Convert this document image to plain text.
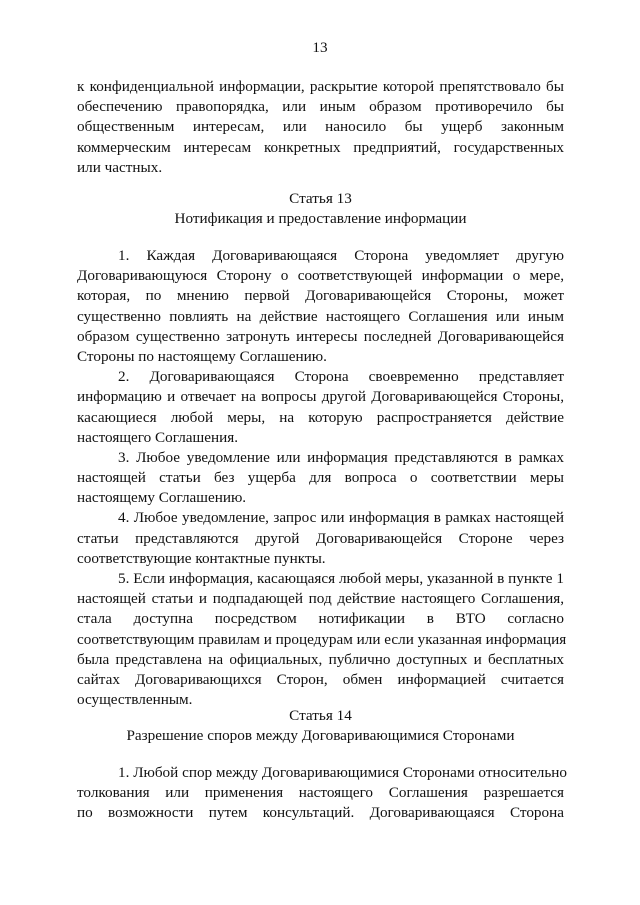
13
к конфиденциальной информации, раскрытие которой препятствовало бы
обеспечению правопорядка, или иным образом противоречило бы
общественным интересам, или наносило бы ущерб законным
коммерческим интересам конкретных предприятий, государственных
или частных.
Статья 13
Нотификация и предоставление информации
1. Каждая Договаривающаяся Сторона уведомляет другую
Договаривающуюся Сторону о соответствующей информации о мере,
которая, по мнению первой Договаривающейся Стороны, может
существенно повлиять на действие настоящего Соглашения или иным
образом существенно затронуть интересы последней Договаривающейся
Стороны по настоящему Соглашению.
2. Договаривающаяся Сторона своевременно представляет
информацию и отвечает на вопросы другой Договаривающейся Стороны,
касающиеся любой меры, на которую распространяется действие
настоящего Соглашения.
3. Любое уведомление или информация представляются в рамках
настоящей статьи без ущерба для вопроса о соответствии меры
настоящему Соглашению.
4. Любое уведомление, запрос или информация в рамках настоящей
статьи представляются другой Договаривающейся Стороне через
соответствующие контактные пункты.
5. Если информация, касающаяся любой меры, указанной в пункте 1
настоящей статьи и подпадающей под действие настоящего Соглашения,
стала доступна посредством нотификации в ВТО согласно
соответствующим правилам и процедурам или если указанная информация
была представлена на официальных, публично доступных и бесплатных
сайтах Договаривающихся Сторон, обмен информацией считается
осуществленным.
Статья 14
Разрешение споров между Договаривающимися Сторонами
1. Любой спор между Договаривающимися Сторонами относительно
толкования или применения настоящего Соглашения разрешается
по возможности путем консультаций. Договаривающаяся Сторона
